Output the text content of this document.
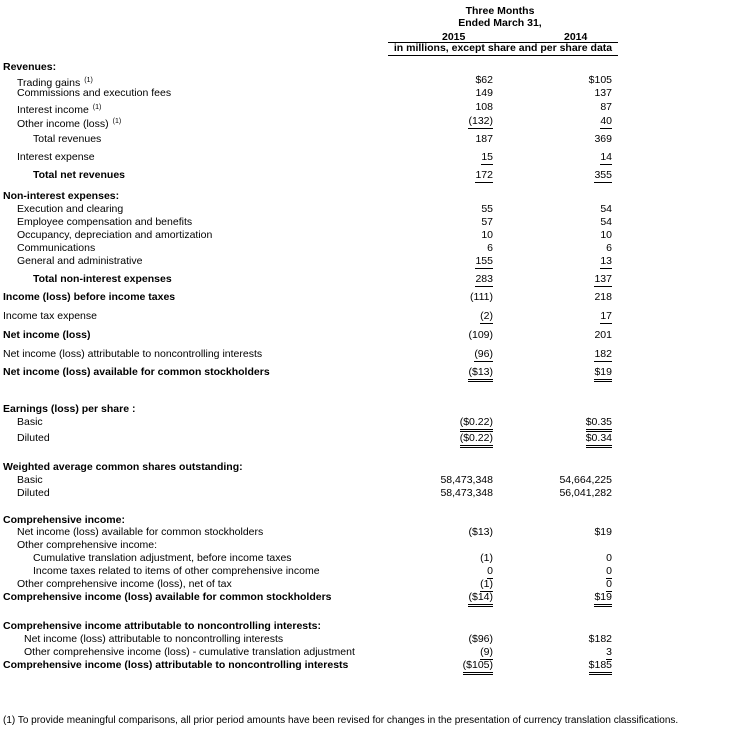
Three Months
Ended March 31,
2015	2014
in millions, except share and per share data
Revenues:
Trading gains $^{(1)}$	$62	$105
Commissions and execution fees	149	137
Interest income $^{(1)}$	108	87
Other income (loss) $^{(1)}$	(132)	40
Total revenues	187	369
Interest expense	15	14
Total net revenues	172	355
Non-interest expenses:
Execution and clearing	55	54
Employee compensation and benefits	57	54
Occupancy, depreciation and amortization	10	10
Communications	6	6
General and administrative	155	13
Total non-interest expenses	283	137
Income (loss) before income taxes	(111)	218
Income tax expense	(2)	17
Net income (loss)	(109)	201
Net income (loss) attributable to noncontrolling interests	(96)	182
Net income (loss) available for common stockholders	($13)	$19
Earnings (loss) per share :
Basic	($0.22)	$0.35
Diluted	($0.22)	$0.34
Weighted average common shares outstanding:
Basic	58,473,348	54,664,225
Diluted	58,473,348	56,041,282
Comprehensive income:
Net income (loss) available for common stockholders	($13)	$19
Other comprehensive income:
Cumulative translation adjustment, before income taxes	(1)	0
Income taxes related to items of other comprehensive income	0	0
Other comprehensive income (loss), net of tax	(1)	0
Comprehensive income (loss) available for common stockholders	($14)	$19
Comprehensive income attributable to noncontrolling interests:
Net income (loss) attributable to noncontrolling interests	($96)	$182
Other comprehensive income (loss) - cumulative translation adjustment	(9)	3
Comprehensive income (loss) attributable to noncontrolling interests	($105)	$185
(1) To provide meaningful comparisons, all prior period amounts have been revised for changes in the presentation of currency translation classifications.
